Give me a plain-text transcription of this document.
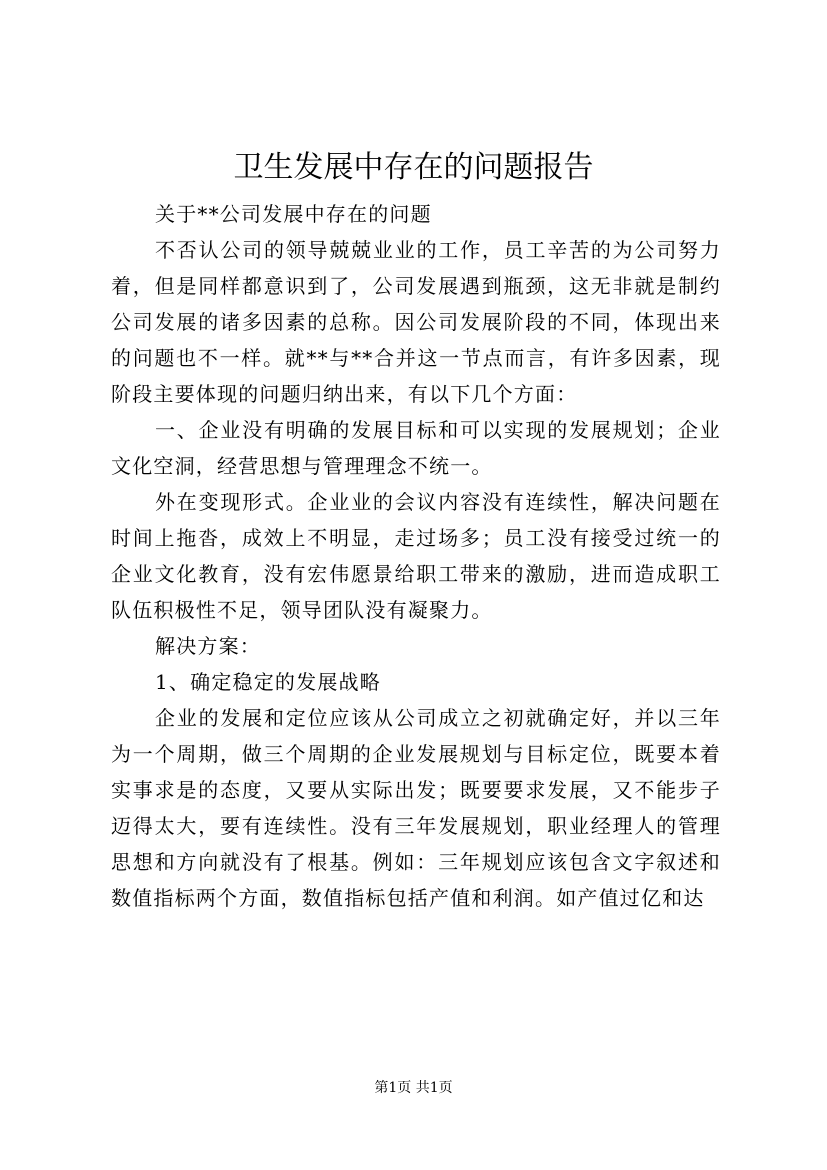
卫生发展中存在的问题报告

关于**公司发展中存在的问题

不否认公司的领导兢兢业业的工作，员工辛苦的为公司努力着，但是同样都意识到了，公司发展遇到瓶颈，这无非就是制约公司发展的诸多因素的总称。因公司发展阶段的不同，体现出来的问题也不一样。就**与**合并这一节点而言，有许多因素，现阶段主要体现的问题归纳出来，有以下几个方面：

一、企业没有明确的发展目标和可以实现的发展规划；企业文化空洞，经营思想与管理理念不统一。

外在变现形式。企业业的会议内容没有连续性，解决问题在时间上拖沓，成效上不明显，走过场多；员工没有接受过统一的企业文化教育，没有宏伟愿景给职工带来的激励，进而造成职工队伍积极性不足，领导团队没有凝聚力。

解决方案：

1、确定稳定的发展战略

企业的发展和定位应该从公司成立之初就确定好，并以三年为一个周期，做三个周期的企业发展规划与目标定位，既要本着实事求是的态度，又要从实际出发；既要要求发展，又不能步子迈得太大，要有连续性。没有三年发展规划，职业经理人的管理思想和方向就没有了根基。例如：三年规划应该包含文字叙述和数值指标两个方面，数值指标包括产值和利润。如产值过亿和达

第1页 共1页
